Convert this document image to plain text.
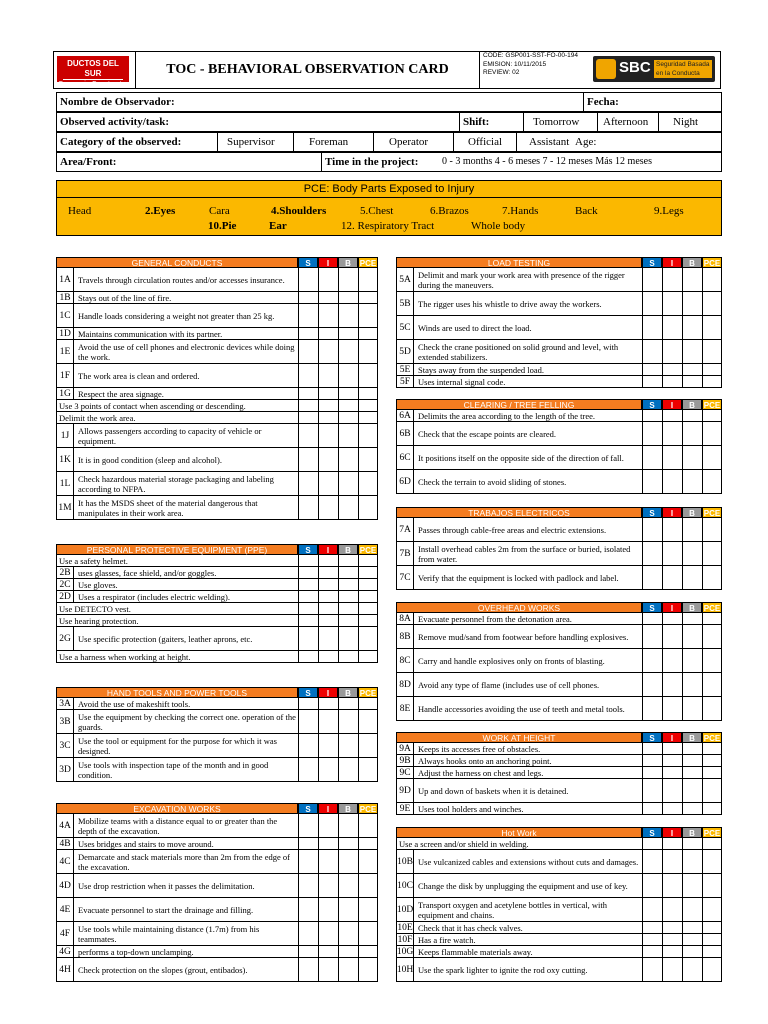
DUCTOS DEL SUR
Consorcio Constructor
TOC - BEHAVIORAL OBSERVATION CARD
CODE: GSP001-SST-FO-00-194
EMISION: 10/11/2015
REVIEW: 02	SBC Seguridad Basada en la Conducta
Nombre de Observador:	Fecha:
Observed activity/task:	Shift:	Tomorrow Afternoon Night
Category of the observed:	Supervisor	Foreman	Operator	Official Assistant Age:
Area/Front:	Time in the project: 0 - 3 months 4 - 6 meses 7 - 12 meses Más 12 meses
PCE: Body Parts Exposed to Injury
Head	2.Eyes	Cara	4.Shoulders	5.Chest	6.Brazos	7.Hands	Back	9.Legs
10.Pie	Ear	12. Respiratory Tract	Whole body
GENERAL CONDUCTS	S	I	B	PCE
1A Travels through circulation routes and/or accesses insurance.
1B Stays out of the line of fire.
1C Handle loads considering a weight not greater than 25 kg.
1D Maintains communication with its partner.
1E Avoid the use of cell phones and electronic devices while doing the work.
1F The work area is clean and ordered.
1G Respect the area signage.
Use 3 points of contact when ascending or descending.
Delimit the work area.
1J	Allows passengers according to capacity of vehicle or equipment.
1K It is in good condition (sleep and alcohol).
1L Check hazardous material storage packaging and labeling according to NFPA.
1M It has the MSDS sheet of the material dangerous that manipulates in their work area.
PERSONAL PROTECTIVE EQUIPMENT (PPE)	S	I	B	PCE
Use a safety helmet.
2B uses glasses, face shield, and/or goggles.
2C Use gloves.
2D Uses a respirator (includes electric welding).
Use DETECTO vest.
Use hearing protection.
2G Use specific protection (gaiters, leather aprons, etc.
Use a harness when working at height.
HAND TOOLS AND POWER TOOLS	S	I	B	PCE
3A Avoid the use of makeshift tools.
3B Use the equipment by checking the correct one. operation of the guards.
3C Use the tool or equipment for the purpose for which it was designed.
3D Use tools with inspection tape of the month and in good condition.
EXCAVATION WORKS	S	I	B	PCE
4A Mobilize teams with a distance equal to or greater than the depth of the excavation.
4B Uses bridges and stairs to move around.
4C Demarcate and stack materials more than 2m from the edge of the excavation.
4D Use drop restriction when it passes the delimitation.
4E Evacuate personnel to start the drainage and filling.
4F Use tools while maintaining distance (1.7m) from his teammates.
4G performs a top-down unclamping.
4H Check protection on the slopes (grout, entibados).
LOAD TESTING	S	I	B	PCE
5A Delimit and mark your work area with presence of the rigger during the maneuvers.
5B The rigger uses his whistle to drive away the workers.
5C Winds are used to direct the load.
5D Check the crane positioned on solid ground and level, with extended stabilizers.
5E Stays away from the suspended load.
5F Uses internal signal code.
CLEARING / TREE FELLING	S	I	B	PCE
6A Delimits the area according to the length of the tree.
6B Check that the escape points are cleared.
6C It positions itself on the opposite side of the direction of fall.
6D Check the terrain to avoid sliding of stones.
TRABAJOS ELECTRICOS	S	I	B	PCE
7A Passes through cable-free areas and electric extensions.
7B Install overhead cables 2m from the surface or buried, isolated from water.
7C Verify that the equipment is locked with padlock and label.
OVERHEAD WORKS	S	I	B	PCE
8A Evacuate personnel from the detonation area.
8B Remove mud/sand from footwear before handling explosives.
8C Carry and handle explosives only on fronts of blasting.
8D Avoid any type of flame (includes use of cell phones.
8E Handle accessories avoiding the use of teeth and metal tools.
WORK AT HEIGHT	S	I	B	PCE
9A Keeps its accesses free of obstacles.
9B Always hooks onto an anchoring point.
9C Adjust the harness on chest and legs.
9D Up and down of baskets when it is detained.
9E Uses tool holders and winches.
Hot Work	S	I	B	PCE
Use a screen and/or shield in welding.
10B Use vulcanized cables and extensions without cuts and damages.
10C Change the disk by unplugging the equipment and use of key.
10D Transport oxygen and acetylene bottles in vertical, with equipment and chains.
10E Check that it has check valves.
10F Has a fire watch.
10G Keeps flammable materials away.
10H Use the spark lighter to ignite the rod oxy cutting.
